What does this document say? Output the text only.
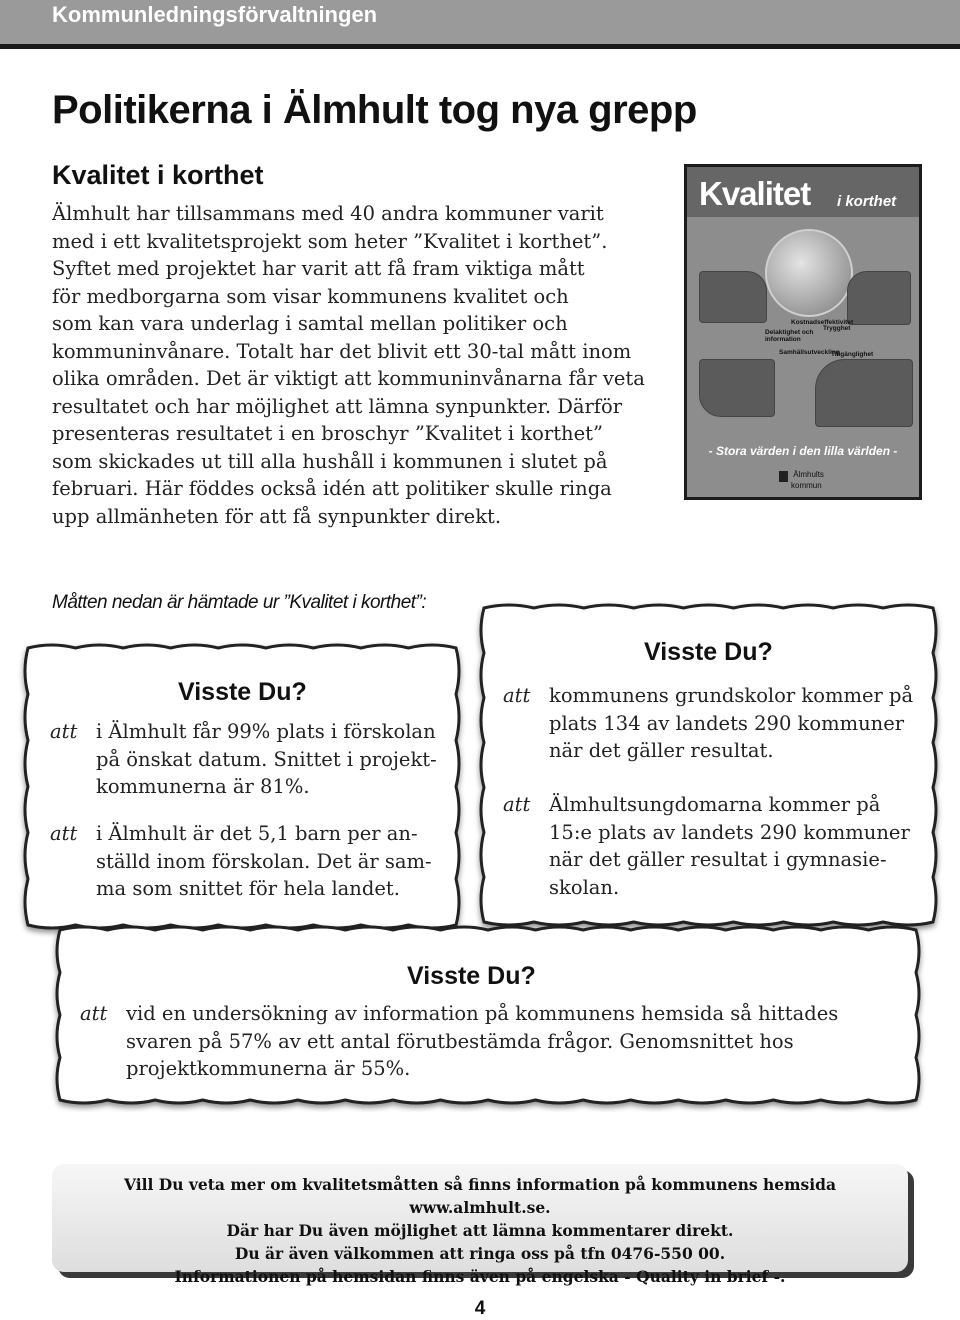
Kommunledningsförvaltningen
Politikerna i Älmhult tog nya grepp
Kvalitet i korthet
Älmhult har tillsammans med 40 andra kommuner varit
med i ett kvalitetsprojekt som heter ”Kvalitet i korthet”.
Syftet med projektet har varit att få fram viktiga mått
för medborgarna som visar kommunens kvalitet och
som kan vara underlag i samtal mellan politiker och
kommuninvånare. Totalt har det blivit ett 30-tal mått inom
olika områden. Det är viktigt att kommuninvånarna får veta
resultatet och har möjlighet att lämna synpunkter. Därför
presenteras resultatet i en broschyr ”Kvalitet i korthet”
som skickades ut till alla hushåll i kommunen i slutet på
februari. Här föddes också idén att politiker skulle ringa
upp allmänheten för att få synpunkter direkt.
Kvalitet i korthet
Kostnadseffektivitet
Delaktighet och information
Trygghet
Samhällsutveckling
Tillgänglighet
- Stora värden i den lilla världen -
Älmhults
kommun

Måtten nedan är hämtade ur ”Kvalitet i korthet”:

Visste Du?
att i Älmhult får 99% plats i förskolan
på önskat datum. Snittet i projekt-
kommunerna är 81%.
att i Älmhult är det 5,1 barn per an-
ställd inom förskolan. Det är sam-
ma som snittet för hela landet.
Visste Du?
att kommunens grundskolor kommer på
plats 134 av landets 290 kommuner
när det gäller resultat.
att Älmhultsungdomarna kommer på
15:e plats av landets 290 kommuner
när det gäller resultat i gymnasie-
skolan.
Visste Du?
att vid en undersökning av information på kommunens hemsida så hittades
svaren på 57% av ett antal förutbestämda frågor. Genomsnittet hos
projektkommunerna är 55%.
Vill Du veta mer om kvalitetsmåtten så finns information på kommunens hemsida www.almhult.se.
Där har Du även möjlighet att lämna kommentarer direkt.
Du är även välkommen att ringa oss på tfn 0476-550 00.
Informationen på hemsidan finns även på engelska - Quality in brief -.
4
